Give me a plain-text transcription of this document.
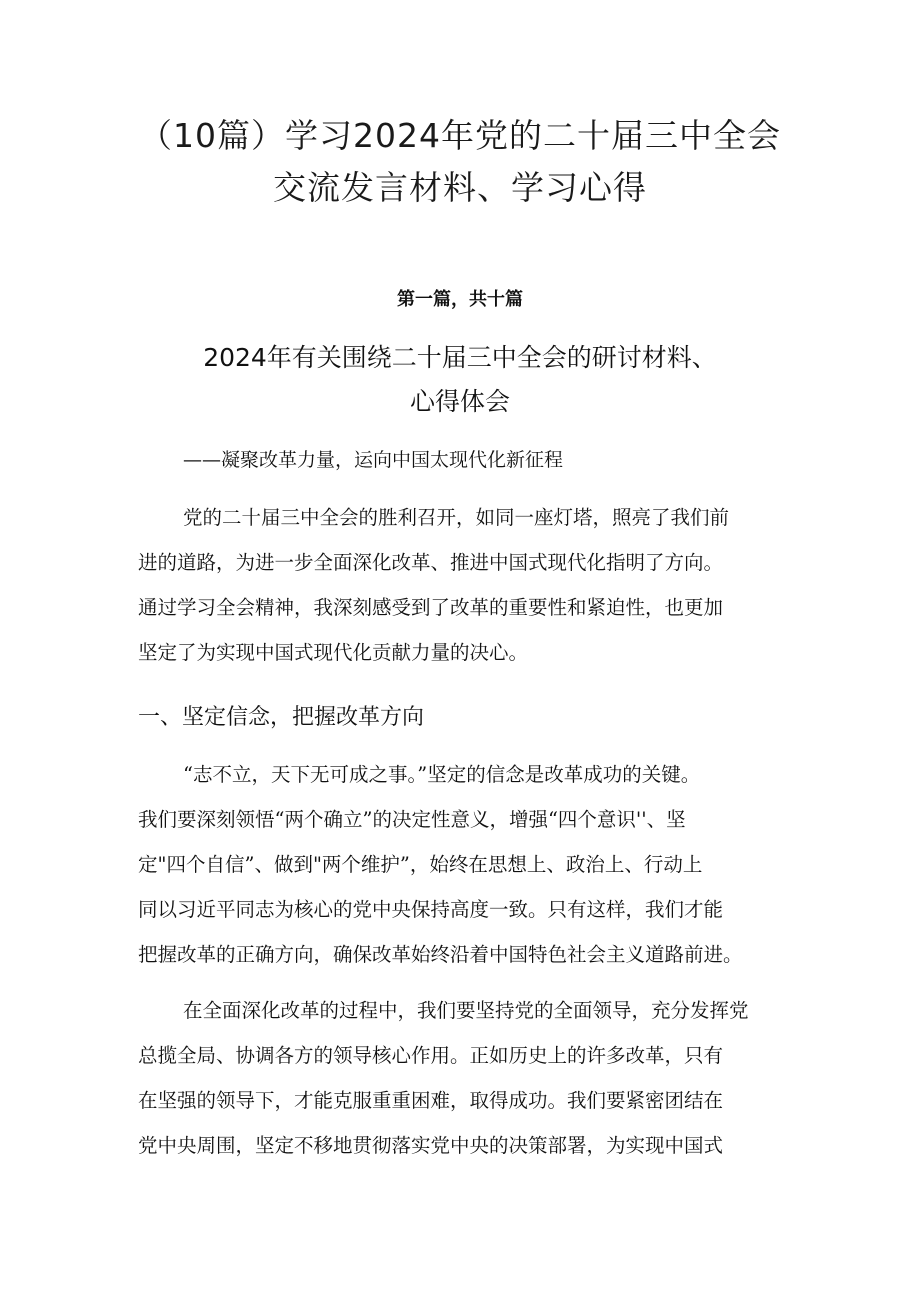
（10篇）学习2024年党的二十届三中全会
交流发言材料、学习心得

第一篇，共十篇

2024年有关围绕二十届三中全会的研讨材料、
心得体会

——凝聚改革力量，运向中国太现代化新征程

党的二十届三中全会的胜利召开，如同一座灯塔，照亮了我们前
进的道路，为进一步全面深化改革、推进中国式现代化指明了方向。
通过学习全会精神，我深刻感受到了改革的重要性和紧迫性，也更加
坚定了为实现中国式现代化贡献力量的决心。
一、坚定信念，把握改革方向
“志不立，天下无可成之事。”坚定的信念是改革成功的关键。
我们要深刻领悟“两个确立”的决定性意义，增强“四个意识''、坚
定"四个自信”、做到"两个维护”，始终在思想上、政治上、行动上
同以习近平同志为核心的党中央保持高度一致。只有这样，我们才能
把握改革的正确方向，确保改革始终沿着中国特色社会主义道路前进。
在全面深化改革的过程中，我们要坚持党的全面领导，充分发挥党
总揽全局、协调各方的领导核心作用。正如历史上的许多改革，只有
在坚强的领导下，才能克服重重困难，取得成功。我们要紧密团结在
党中央周围，坚定不移地贯彻落实党中央的决策部署，为实现中国式
